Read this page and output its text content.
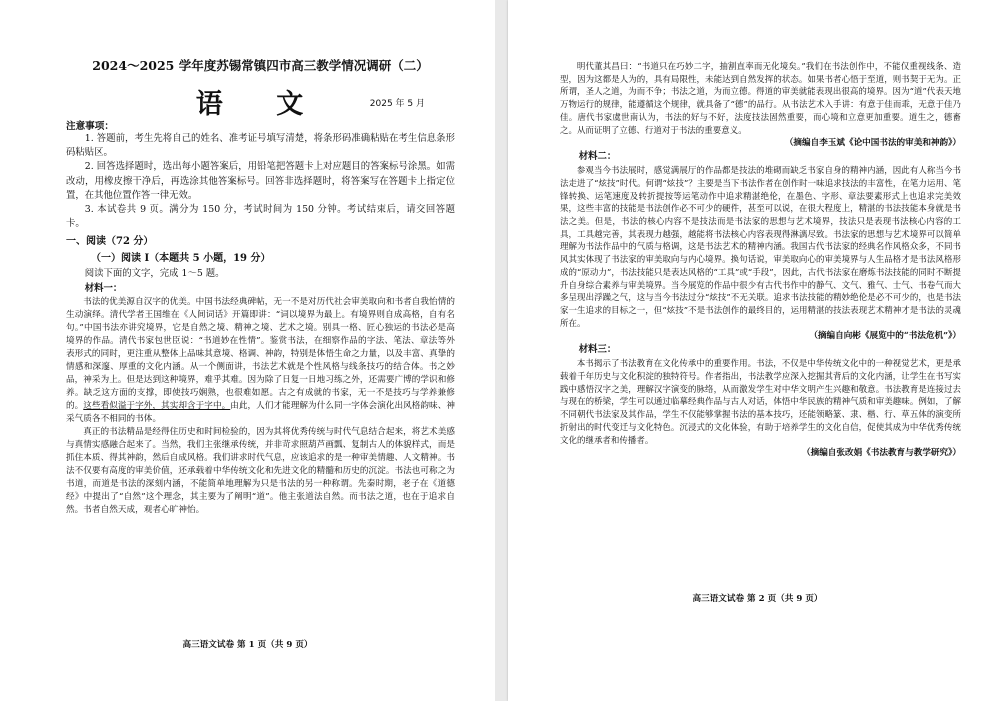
2024～2025 学年度苏锡常镇四市高三教学情况调研（二）
语 文	2025 年 5 月

注意事项：

1. 答题前，考生先将自己的姓名、准考证号填写清楚，将条形码准确粘贴在考生信息条形码粘贴区。

2. 回答选择题时，选出每小题答案后，用铅笔把答题卡上对应题目的答案标号涂黑。如需改动，用橡皮擦干净后，再选涂其他答案标号。回答非选择题时，将答案写在答题卡上指定位置，在其他位置作答一律无效。

3. 本试卷共 9 页。满分为 150 分，考试时间为 150 分钟。考试结束后，请交回答题卡。

一、阅读（72 分）

（一）阅读 I（本题共 5 小题，19 分）

阅读下面的文字，完成 1～5 题。

材料一：

书法的优美源自汉字的优美。中国书法经典碑帖，无一不是对历代社会审美取向和书者自我怡情的生动演绎。清代学者王国维在《人间词话》开篇即讲：“词以境界为最上。有境界则自成高格，自有名句。”中国书法亦讲究境界，它是自然之境、精神之境、艺术之境。别具一格、匠心独运的书法必是高境界的作品。清代书家包世臣说：“书道妙在性情”。鉴赏书法，在细察作品的字法、笔法、章法等外表形式的同时，更注重从整体上品味其意境、格调、神韵，特别是体悟生命之力量，以及丰富、真挚的情感和深邃、厚重的文化内涵。从一个侧面讲，书法艺术就是个性风格与线条技巧的结合体。书之妙品，神采为上。但是达到这种境界，难乎其难。因为除了日复一日地习练之外，还需要广博的学识和修养。缺乏这方面的支撑，即使技巧娴熟，也很难如愿。古之有成就的书家，无一不是技巧与学养兼修的。这些看似溢于字外，其实却含于字中。由此，人们才能理解为什么同一字体会演化出风格韵味、神采气质各不相同的书体。

真正的书法精品是经得住历史和时间检验的，因为其将优秀传统与时代气息结合起来，将艺术美感与真情实感融合起来了。当然，我们主张继承传统，并非苛求照葫芦画瓢、复制古人的体貌样式，而是抓住本质、得其神韵，然后自成风格。我们讲求时代气息，应该追求的是一种审美情趣、人文精神。书法不仅要有高度的审美价值，还承载着中华传统文化和先进文化的精髓和历史的沉淀。书法也可称之为书道，而道是书法的深刻内涵，不能简单地理解为只是书法的另一种称谓。先秦时期，老子在《道德经》中提出了“自然”这个理念，其主要为了阐明“道”。他主张道法自然。而书法之道，也在于追求自然。书者自然天成，观者心旷神怡。

高三语文试卷 第 1 页（共 9 页）

明代董其昌曰：“书道只在巧妙二字，抽割直率而无化境矣。”我们在书法创作中，不能仅重视线条、造型，因为这都是人为的，具有局限性，未能达到自然发挥的状态。如果书者心悟于至道，则书契于无为。正所谓，圣人之道，为而不争；书法之道，为而立德。得道的审美就能表现出很高的境界。因为“道”代表天地万物运行的规律，能遵循这个规律，就具备了“德”的品行。从书法艺术入手讲：有意于佳而乖，无意于佳乃佳。唐代书家虞世南认为，书法的好与不好，法度技法固然重要，而心境和立意更加重要。道生之，德畜之。从而证明了立德、行道对于书法的重要意义。

（摘编自李玉斌《论中国书法的审美和神韵》）

材料二：

参观当今书法展时，感觉满展厅的作品都是技法的堆砌而缺乏书家自身的精神内涵，因此有人称当今书法走进了“炫技”时代。何谓“炫技”？主要是当下书法作者在创作时一味追求技法的丰富性，在笔力运用、笔锋转换、运笔速度及转折提按等运笔动作中追求精湛绝伦，在墨色、字形、章法要素形式上也追求完美效果，这些丰富的技能是书法创作必不可少的硬件，甚至可以说，在很大程度上，精湛的书法技能本身就是书法之美。但是，书法的核心内容不是技法而是书法家的思想与艺术境界，技法只是表现书法核心内容的工具，工具越完善，其表现力越强，越能将书法核心内容表现得淋漓尽致。书法家的思想与艺术境界可以简单理解为书法作品中的气质与格调，这是书法艺术的精神内涵。我国古代书法家的经典名作风格众多，不同书风其实体现了书法家的审美取向与内心境界。换句话说，审美取向心的审美境界与人生品格才是书法风格形成的“原动力”，书法技能只是表达风格的“工具”或“手段”，因此，古代书法家在磨炼书法技能的同时不断提升自身综合素养与审美境界。当今展览的作品中很少有古代书作中的静气、文气、雅气、士气、书卷气而大多呈现出浮躁之气，这与当今书法过分“炫技”不无关联。追求书法技能的精妙绝伦是必不可少的，也是书法家一生追求的目标之一，但“炫技”不是书法创作的最终目的，运用精湛的技法表现艺术精神才是书法的灵魂所在。

（摘编自向彬《展览中的“书法危机”》）

材料三：

本书揭示了书法教育在文化传承中的重要作用。书法，不仅是中华传统文化中的一种视觉艺术，更是承载着千年历史与文化积淀的独特符号。作者指出，书法教学应深入挖掘其背后的文化内涵，让学生在书写实践中感悟汉字之美，理解汉字演变的脉络，从而激发学生对中华文明产生兴趣和敬意。书法教育是连接过去与现在的桥梁，学生可以通过临摹经典作品与古人对话，体悟中华民族的精神气质和审美趣味。例如，了解不同朝代书法家及其作品，学生不仅能够掌握书法的基本技巧，还能领略篆、隶、楷、行、草五体的演变所折射出的时代变迁与文化特色。沉浸式的文化体验，有助于培养学生的文化自信，促使其成为中华优秀传统文化的继承者和传播者。

（摘编自张改娟《书法教育与教学研究》）

高三语文试卷 第 2 页（共 9 页）
